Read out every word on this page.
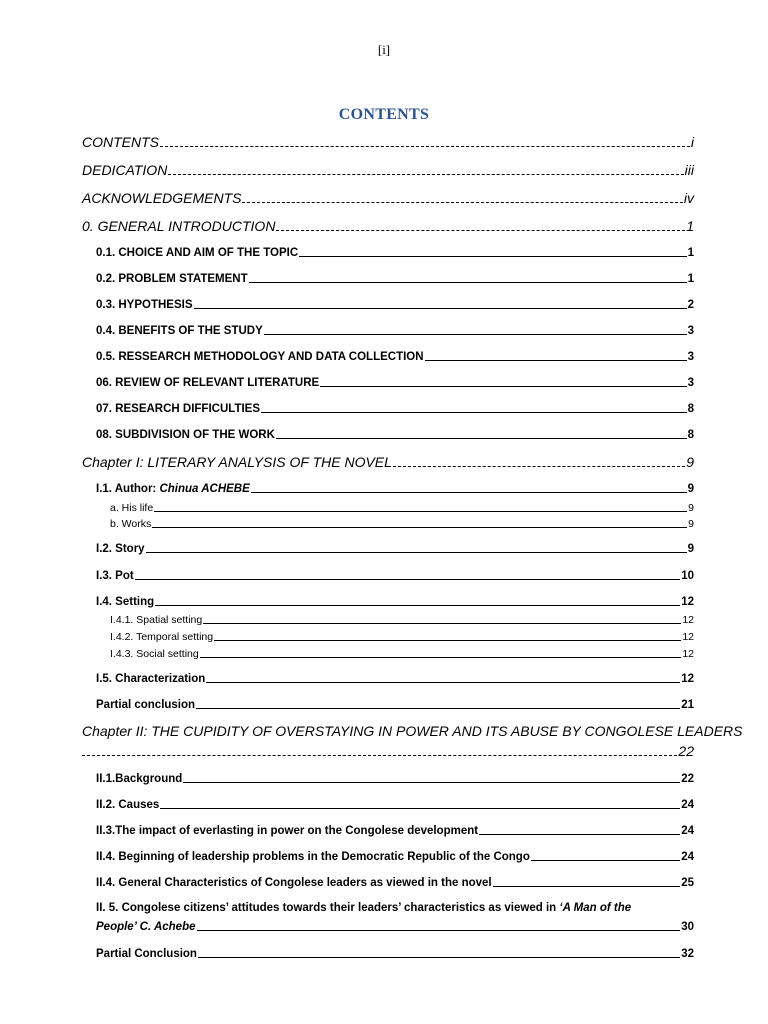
[i]
CONTENTS
CONTENTS	i
DEDICATION	iii
ACKNOWLEDGEMENTS	iv
0. GENERAL INTRODUCTION	1
0.1. CHOICE AND AIM OF THE TOPIC	1
0.2. PROBLEM STATEMENT	1
0.3. HYPOTHESIS	2
0.4. BENEFITS OF THE STUDY	3
0.5. RESSEARCH METHODOLOGY AND DATA COLLECTION	3
06. REVIEW OF RELEVANT LITERATURE	3
07. RESEARCH DIFFICULTIES	8
08. SUBDIVISION OF THE WORK	8
Chapter I: LITERARY ANALYSIS OF THE NOVEL	9
I.1. Author: Chinua ACHEBE	9
a. His life	9
b. Works	9
I.2. Story	9
I.3. Pot	10
I.4. Setting	12
I.4.1. Spatial setting	12
I.4.2. Temporal setting	12
I.4.3. Social setting	12
I.5. Characterization	12
Partial conclusion	21
Chapter II: THE CUPIDITY OF OVERSTAYING IN POWER AND ITS ABUSE BY CONGOLESE LEADERS
22
II.1.Background	22
II.2. Causes	24
II.3.The impact of everlasting in power on the Congolese development	24
II.4. Beginning of leadership problems in the Democratic Republic of the Congo	24
II.4. General Characteristics of Congolese leaders as viewed in the novel	25
II. 5. Congolese citizens’ attitudes towards their leaders’ characteristics as viewed in ‘A Man of the
People’ C. Achebe	30
Partial Conclusion	32
